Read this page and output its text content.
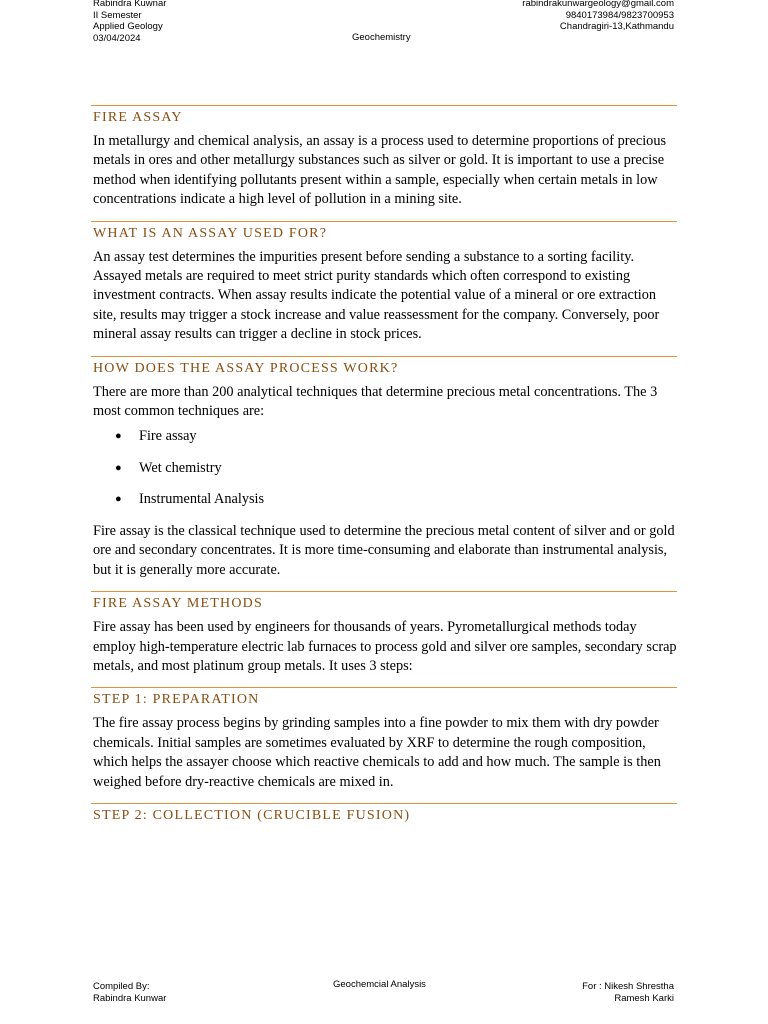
Rabindra Kuwnar
II Semester
Applied Geology
03/04/2024
rabindrakunwargeology@gmail.com
9840173984/9823700953
Chandragiri-13,Kathmandu
Geochemistry
FIRE ASSAY

In metallurgy and chemical analysis, an assay is a process used to determine proportions of precious metals in ores and other metallurgy substances such as silver or gold. It is important to use a precise method when identifying pollutants present within a sample, especially when certain metals in low concentrations indicate a high level of pollution in a mining site.

WHAT IS AN ASSAY USED FOR?

An assay test determines the impurities present before sending a substance to a sorting facility. Assayed metals are required to meet strict purity standards which often correspond to existing investment contracts. When assay results indicate the potential value of a mineral or ore extraction site, results may trigger a stock increase and value reassessment for the company. Conversely, poor mineral assay results can trigger a decline in stock prices.

HOW DOES THE ASSAY PROCESS WORK?

There are more than 200 analytical techniques that determine precious metal concentrations. The 3 most common techniques are:

● Fire assay
● Wet chemistry
● Instrumental Analysis

Fire assay is the classical technique used to determine the precious metal content of silver and or gold ore and secondary concentrates. It is more time-consuming and elaborate than instrumental analysis, but it is generally more accurate.

FIRE ASSAY METHODS

Fire assay has been used by engineers for thousands of years. Pyrometallurgical methods today employ high-temperature electric lab furnaces to process gold and silver ore samples, secondary scrap metals, and most platinum group metals. It uses 3 steps:

STEP 1: PREPARATION

The fire assay process begins by grinding samples into a fine powder to mix them with dry powder chemicals. Initial samples are sometimes evaluated by XRF to determine the rough composition, which helps the assayer choose which reactive chemicals to add and how much. The sample is then weighed before dry-reactive chemicals are mixed in.

STEP 2: COLLECTION (CRUCIBLE FUSION)
Compiled By:
Rabindra Kunwar
Geochemcial Analysis	For : Nikesh Shrestha
Ramesh Karki
